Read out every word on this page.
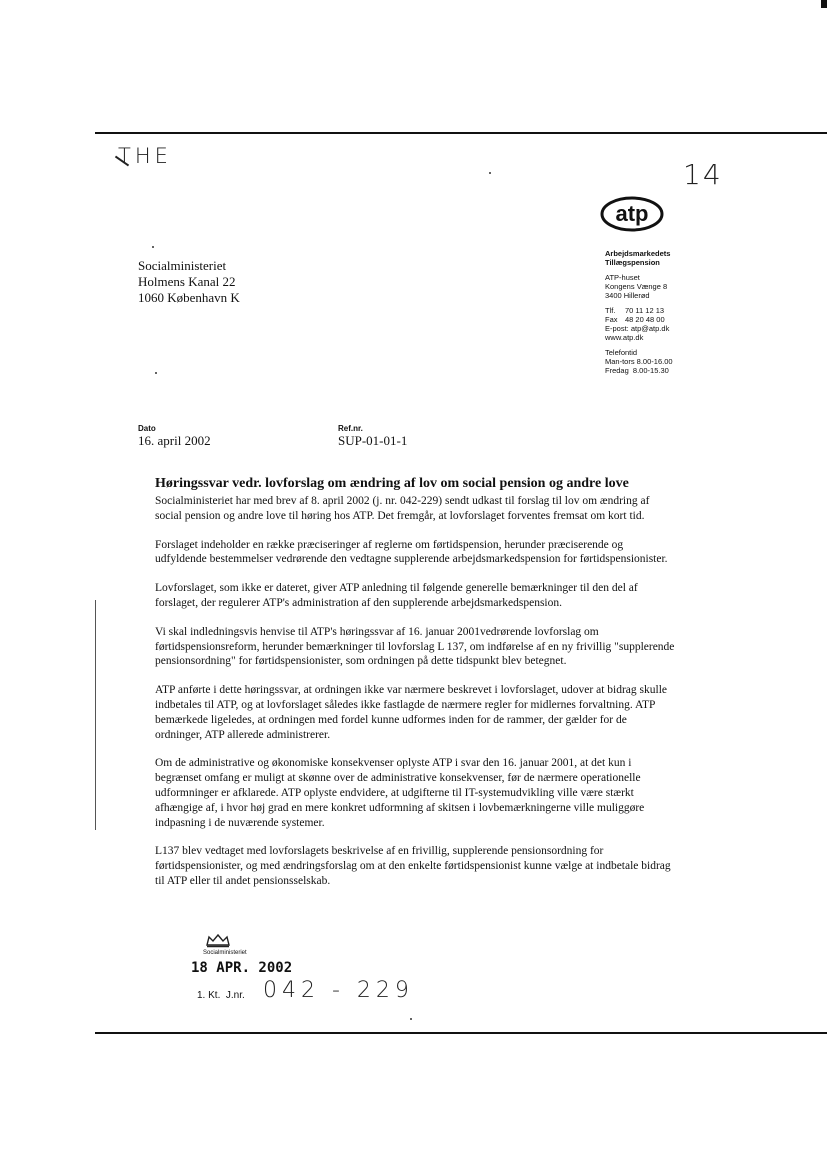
THE
14
atp
Arbejdsmarkedets
Tillægspension
ATP-huset
Kongens Vænge 8
3400 Hillerød
Tlf.	70 11 12 13
Fax 48 20 48 00
E-post: atp@atp.dk
www.atp.dk
Telefontid
Man-tors 8.00-16.00
Fredag  8.00-15.30
Socialministeriet
Holmens Kanal 22
1060 København K
Dato
16. april 2002
Ref.nr.
SUP-01-01-1
Høringssvar vedr. lovforslag om ændring af lov om social pension og andre love

Socialministeriet har med brev af 8. april 2002 (j. nr. 042-229) sendt udkast til forslag til lov om ændring af social pension og andre love til høring hos ATP. Det fremgår, at lovforslaget forventes fremsat om kort tid.

Forslaget indeholder en række præciseringer af reglerne om førtidspension, herunder præciserende og udfyldende bestemmelser vedrørende den vedtagne supplerende arbejdsmarkedspension for førtidspensionister.

Lovforslaget, som ikke er dateret, giver ATP anledning til følgende generelle bemærkninger til den del af forslaget, der regulerer ATP's administration af den supplerende arbejdsmarkedspension.

Vi skal indledningsvis henvise til ATP's høringssvar af 16. januar 2001vedrørende lovforslag om førtidspensionsreform, herunder bemærkninger til lovforslag L 137, om indførelse af en ny frivillig "supplerende pensionsordning" for førtidspensionister, som ordningen på dette tidspunkt blev betegnet.

ATP anførte i dette høringssvar, at ordningen ikke var nærmere beskrevet i lovforslaget, udover at bidrag skulle indbetales til ATP, og at lovforslaget således ikke fastlagde de nærmere regler for midlernes forvaltning. ATP bemærkede ligeledes, at ordningen med fordel kunne udformes inden for de rammer, der gælder for de ordninger, ATP allerede administrerer.

Om de administrative og økonomiske konsekvenser oplyste ATP i svar den 16. januar 2001, at det kun i begrænset omfang er muligt at skønne over de administrative konsekvenser, før de nærmere operationelle udformninger er afklarede. ATP oplyste endvidere, at udgifterne til IT-systemudvikling ville være stærkt afhængige af, i hvor høj grad en mere konkret udformning af skitsen i lovbemærkningerne ville muliggøre indpasning i de nuværende systemer.

L137 blev vedtaget med lovforslagets beskrivelse af en frivillig, supplerende pensionsordning for førtidspensionister, og med ændringsforslag om at den enkelte førtidspensionist kunne vælge at indbetale bidrag til ATP eller til andet pensionsselskab.

Socialministeriet
18 APR. 2002
1. Kt.  J.nr. 042 - 229
